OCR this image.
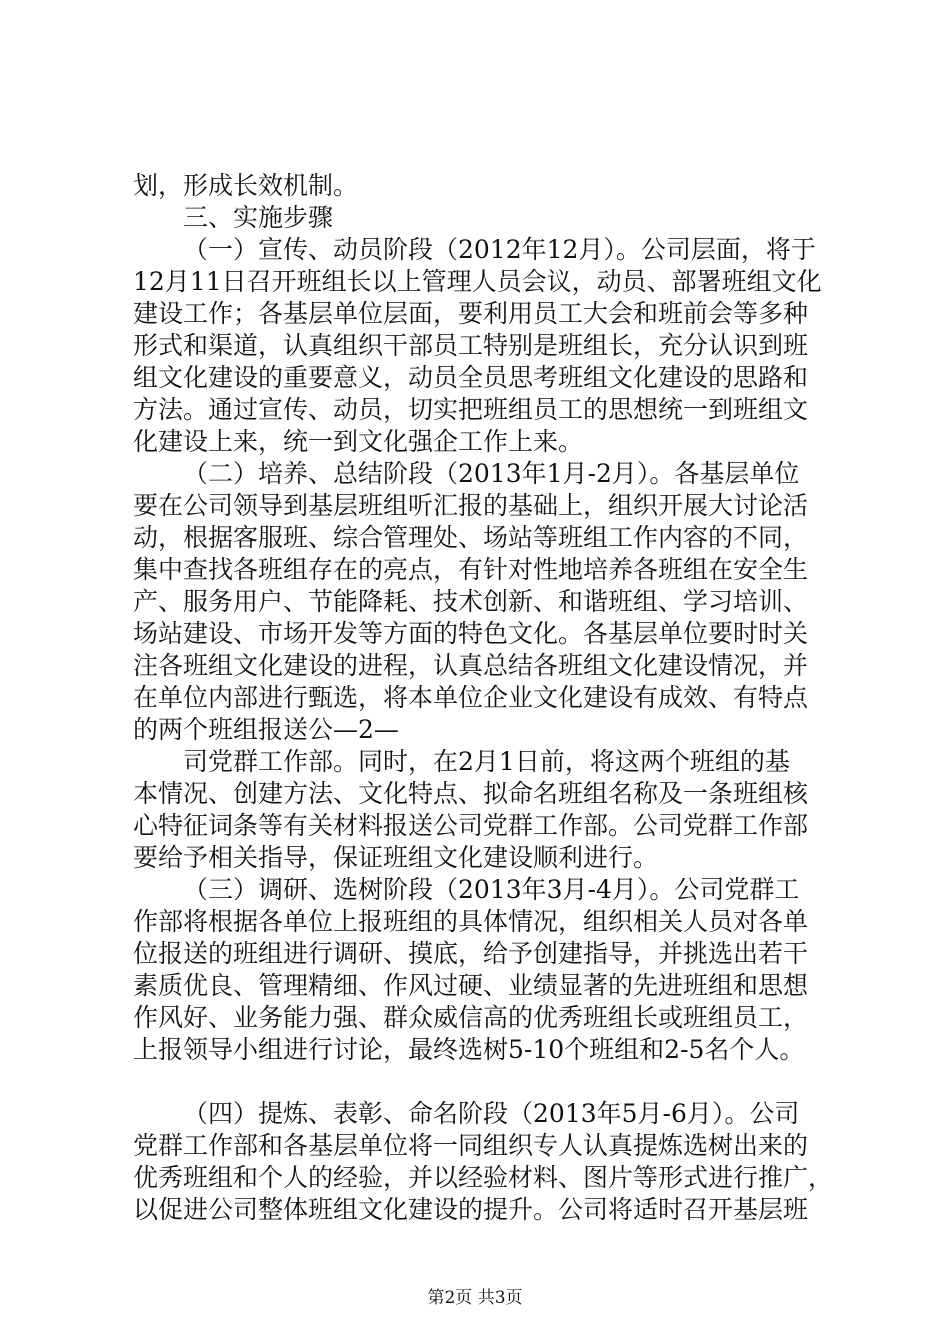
划，形成长效机制。
三、实施步骤
（一）宣传、动员阶段（2012年12月）。公司层面，将于
12月11日召开班组长以上管理人员会议，动员、部署班组文化
建设工作；各基层单位层面，要利用员工大会和班前会等多种
形式和渠道，认真组织干部员工特别是班组长，充分认识到班
组文化建设的重要意义，动员全员思考班组文化建设的思路和
方法。通过宣传、动员，切实把班组员工的思想统一到班组文
化建设上来，统一到文化强企工作上来。
（二）培养、总结阶段（2013年1月-2月）。各基层单位
要在公司领导到基层班组听汇报的基础上，组织开展大讨论活
动，根据客服班、综合管理处、场站等班组工作内容的不同，
集中查找各班组存在的亮点，有针对性地培养各班组在安全生
产、服务用户、节能降耗、技术创新、和谐班组、学习培训、
场站建设、市场开发等方面的特色文化。各基层单位要时时关
注各班组文化建设的进程，认真总结各班组文化建设情况，并
在单位内部进行甄选，将本单位企业文化建设有成效、有特点
的两个班组报送公—2—
司党群工作部。同时，在2月1日前，将这两个班组的基
本情况、创建方法、文化特点、拟命名班组名称及一条班组核
心特征词条等有关材料报送公司党群工作部。公司党群工作部
要给予相关指导，保证班组文化建设顺利进行。
（三）调研、选树阶段（2013年3月-4月）。公司党群工
作部将根据各单位上报班组的具体情况，组织相关人员对各单
位报送的班组进行调研、摸底，给予创建指导，并挑选出若干
素质优良、管理精细、作风过硬、业绩显著的先进班组和思想
作风好、业务能力强、群众威信高的优秀班组长或班组员工，
上报领导小组进行讨论，最终选树5-10个班组和2-5名个人。
（四）提炼、表彰、命名阶段（2013年5月-6月）。公司
党群工作部和各基层单位将一同组织专人认真提炼选树出来的
优秀班组和个人的经验，并以经验材料、图片等形式进行推广，
以促进公司整体班组文化建设的提升。公司将适时召开基层班
第2页 共3页
